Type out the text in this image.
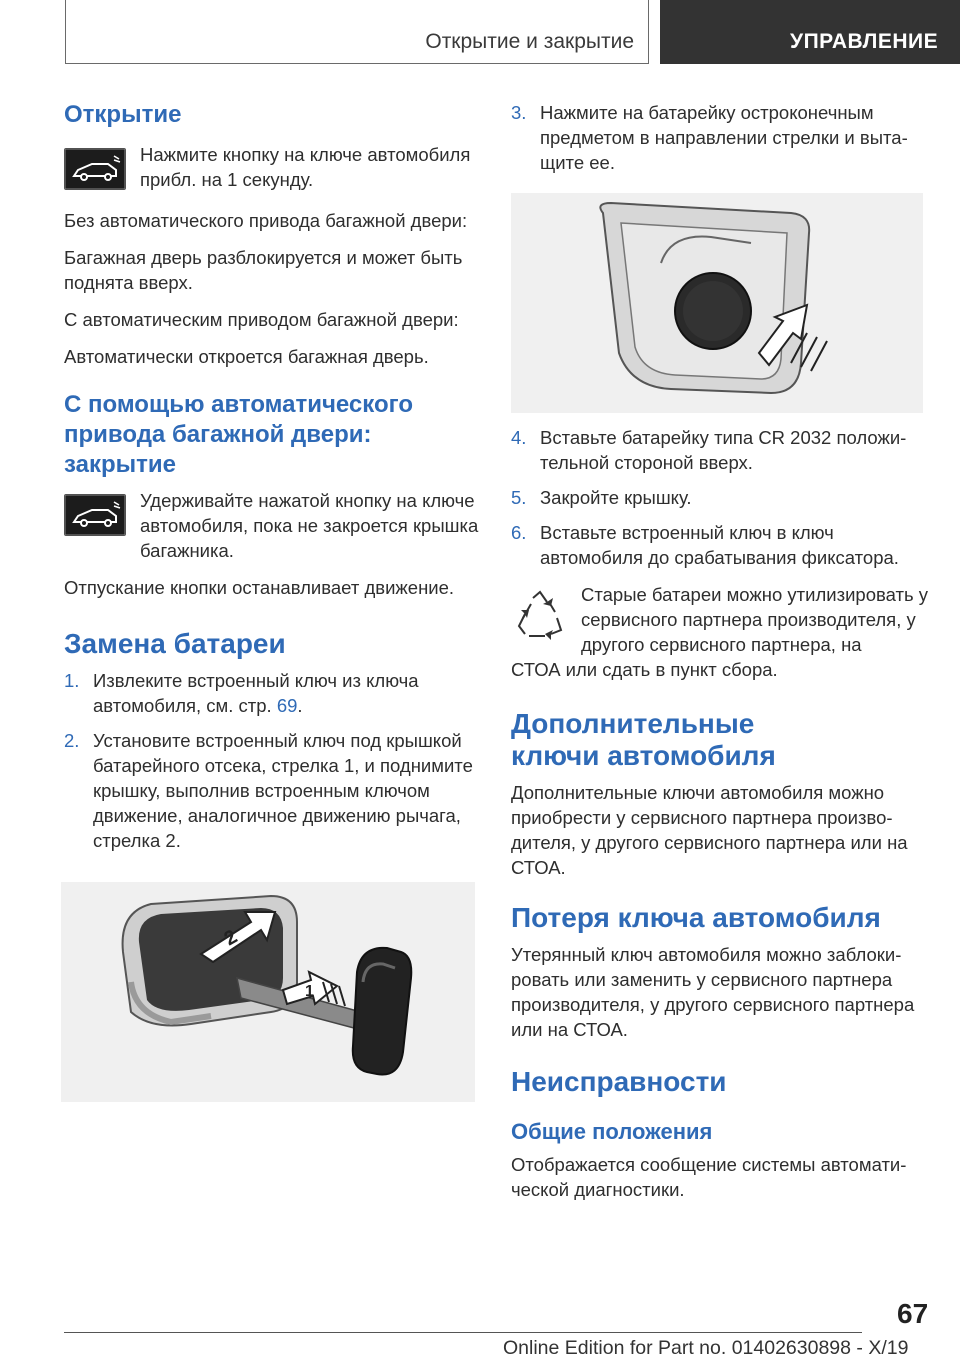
Открытие и закрытие	УПРАВЛЕНИЕ
Открытие

Нажмите кнопку на ключе автомобиля прибл. на 1 секунду.

Без автоматического привода багажной двери:

Багажная дверь разблокируется и может быть поднята вверх.

С автоматическим приводом багажной двери:

Автоматически откроется багажная дверь.

С помощью автоматического привода багажной двери: закрытие

Удерживайте нажатой кнопку на ключе автомобиля, пока не закроется крышка багажника.

Отпускание кнопки останавливает движение.

Замена батареи
1. Извлеките встроенный ключ из ключа автомобиля, см. стр. 69.
2. Установите встроенный ключ под крышкой батарейного отсека, стрелка 1, и поднимите крышку, выполнив встроенным ключом движение, аналогичное движению рычага, стрелка 2.
2
1
3. Нажмите на батарейку остроконечным предметом в направлении стрелки и вытащите ее.
4. Вставьте батарейку типа CR 2032 положительной стороной вверх.
5. Закройте крышку.
6. Вставьте встроенный ключ в ключ автомобиля до срабатывания фиксатора.

Старые батареи можно утилизировать у сервисного партнера производителя, у другого сервисного партнера, на

СТОА или сдать в пункт сбора.

Дополнительные ключи автомобиля

Дополнительные ключи автомобиля можно приобрести у сервисного партнера производителя, у другого сервисного партнера или на СТОА.

Потеря ключа автомобиля

Утерянный ключ автомобиля можно заблокировать или заменить у сервисного партнера производителя, у другого сервисного партнера или на СТОА.

Неисправности
Общие положения

Отображается сообщение системы автоматической диагностики.

67
Online Edition for Part no. 01402630898 - X/19
